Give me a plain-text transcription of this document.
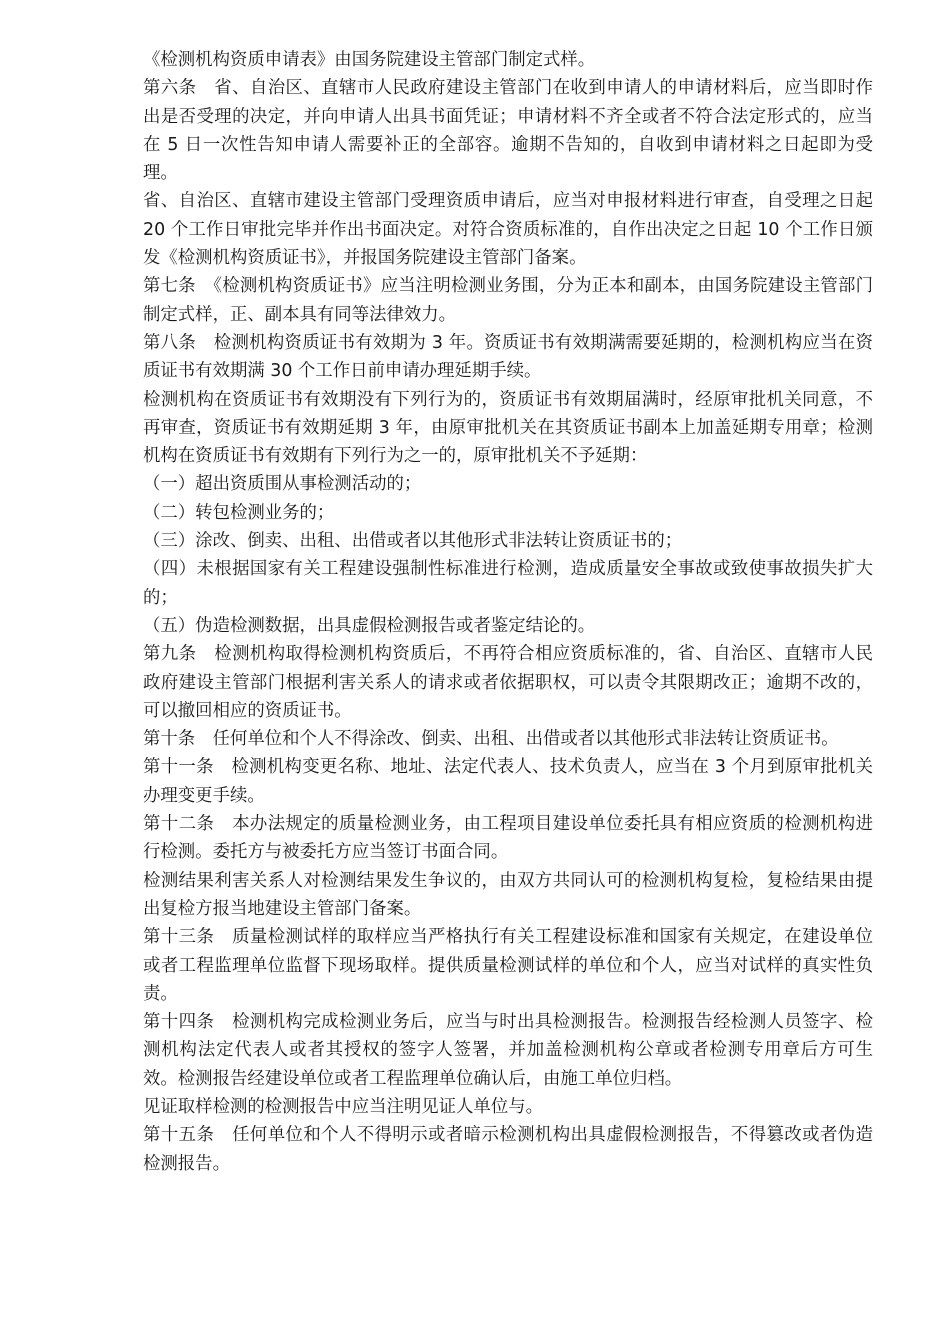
《检测机构资质申请表》由国务院建设主管部门制定式样。

第六条　省、自治区、直辖市人民政府建设主管部门在收到申请人的申请材料后，应当即时作出是否受理的决定，并向申请人出具书面凭证；申请材料不齐全或者不符合法定形式的，应当在 5 日一次性告知申请人需要补正的全部容。逾期不告知的，自收到申请材料之日起即为受理。

省、自治区、直辖市建设主管部门受理资质申请后，应当对申报材料进行审查，自受理之日起 20 个工作日审批完毕并作出书面决定。对符合资质标准的，自作出决定之日起 10 个工作日颁发《检测机构资质证书》，并报国务院建设主管部门备案。

第七条　《检测机构资质证书》应当注明检测业务围，分为正本和副本，由国务院建设主管部门制定式样，正、副本具有同等法律效力。

第八条　检测机构资质证书有效期为 3 年。资质证书有效期满需要延期的，检测机构应当在资质证书有效期满 30 个工作日前申请办理延期手续。

检测机构在资质证书有效期没有下列行为的，资质证书有效期届满时，经原审批机关同意，不再审查，资质证书有效期延期 3 年，由原审批机关在其资质证书副本上加盖延期专用章；检测机构在资质证书有效期有下列行为之一的，原审批机关不予延期：

（一）超出资质围从事检测活动的；

（二）转包检测业务的；

（三）涂改、倒卖、出租、出借或者以其他形式非法转让资质证书的；

（四）未根据国家有关工程建设强制性标准进行检测，造成质量安全事故或致使事故损失扩大的；

（五）伪造检测数据，出具虚假检测报告或者鉴定结论的。

第九条　检测机构取得检测机构资质后，不再符合相应资质标准的，省、自治区、直辖市人民政府建设主管部门根据利害关系人的请求或者依据职权，可以责令其限期改正；逾期不改的，可以撤回相应的资质证书。

第十条　任何单位和个人不得涂改、倒卖、出租、出借或者以其他形式非法转让资质证书。

第十一条　检测机构变更名称、地址、法定代表人、技术负责人，应当在 3 个月到原审批机关办理变更手续。

第十二条　本办法规定的质量检测业务，由工程项目建设单位委托具有相应资质的检测机构进行检测。委托方与被委托方应当签订书面合同。

检测结果利害关系人对检测结果发生争议的，由双方共同认可的检测机构复检，复检结果由提出复检方报当地建设主管部门备案。

第十三条　质量检测试样的取样应当严格执行有关工程建设标准和国家有关规定，在建设单位或者工程监理单位监督下现场取样。提供质量检测试样的单位和个人，应当对试样的真实性负责。

第十四条　检测机构完成检测业务后，应当与时出具检测报告。检测报告经检测人员签字、检测机构法定代表人或者其授权的签字人签署，并加盖检测机构公章或者检测专用章后方可生效。检测报告经建设单位或者工程监理单位确认后，由施工单位归档。

见证取样检测的检测报告中应当注明见证人单位与。

第十五条　任何单位和个人不得明示或者暗示检测机构出具虚假检测报告，不得篡改或者伪造检测报告。
